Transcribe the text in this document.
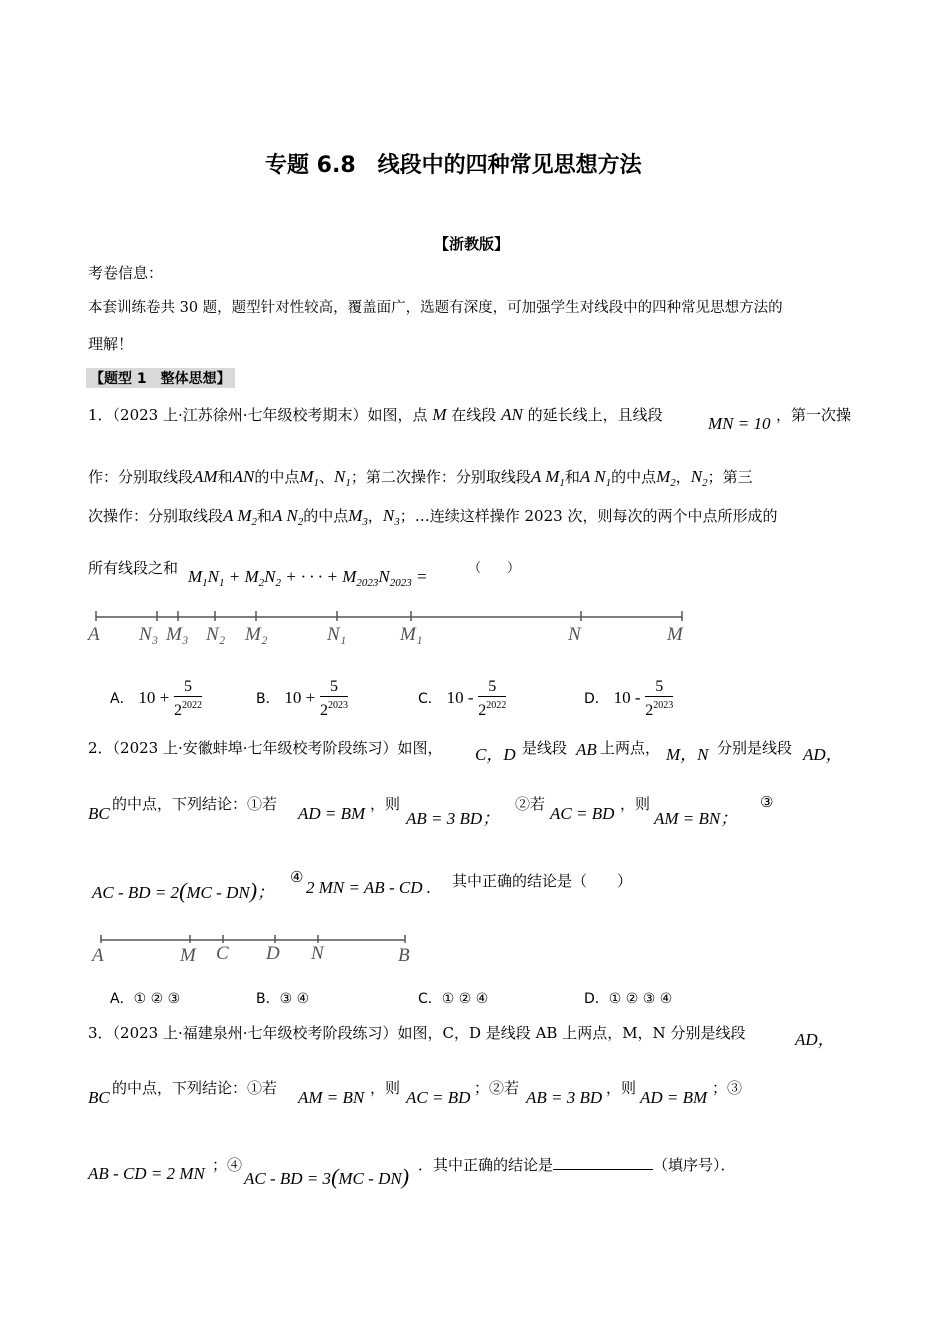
专题 6.8　线段中的四种常见思想方法
【浙教版】
考卷信息：
本套训练卷共 30 题，题型针对性较高，覆盖面广，选题有深度，可加强学生对线段中的四种常见思想方法的
理解！
【题型 1　整体思想】
1．（2023 上·江苏徐州·七年级校考期末）如图，点 M 在线段 AN 的延长线上，且线段	MN = 10 ，第一次操
作：分别取线段AM和AN的中点$M_1$、$N_1$；第二次操作：分别取线段A $M_1$和A $N_1$的中点$M_2$，$N_2$；第三
次操作：分别取线段A $M_2$和A $N_2$的中点$M_3$，$N_3$；…连续这样操作 2023 次，则每次的两个中点所形成的
所有线段之和 $M_1N_1 + M_2N_2$ + · · · + $M_{2023}N_{2023}$ =	（　　）
A N₃ M₃ N₂ M₂	N₁	M₁	N	M
A． $10 + \frac{5}{2^{2022}}$	B． $10 + \frac{5}{2^{2023}}$	C． $10 - \frac{5}{2^{2022}}$	D． $10 - \frac{5}{2^{2023}}$
2．（2023 上·安徽蚌埠·七年级校考阶段练习）如图， C，D 是线段 AB 上两点， M，N 分别是线段 AD，
BC 的中点，下列结论：①若 AD = BM ，则
AB = 3 BD；
②若 AC = BD ，则
AM = BN；
③
AC - BD = 2(MC - DN)；
④
2 MN = AB - CD . 其中正确的结论是（　　）
A	M C D N	B
A．① ② ③	B．③ ④	C．① ② ④	D．① ② ③ ④
3．（2023 上·福建泉州·七年级校考阶段练习）如图，C，D 是线段 AB 上两点，M，N 分别是线段	AD，
BC 的中点，下列结论：①若 AM = BN ，则 AC = BD ；②若 AB = 3 BD ，则 AD = BM ；③
AB - CD = 2 MN ；④
AC - BD = 3(MC - DN) ．其中正确的结论是	（填序号）．
